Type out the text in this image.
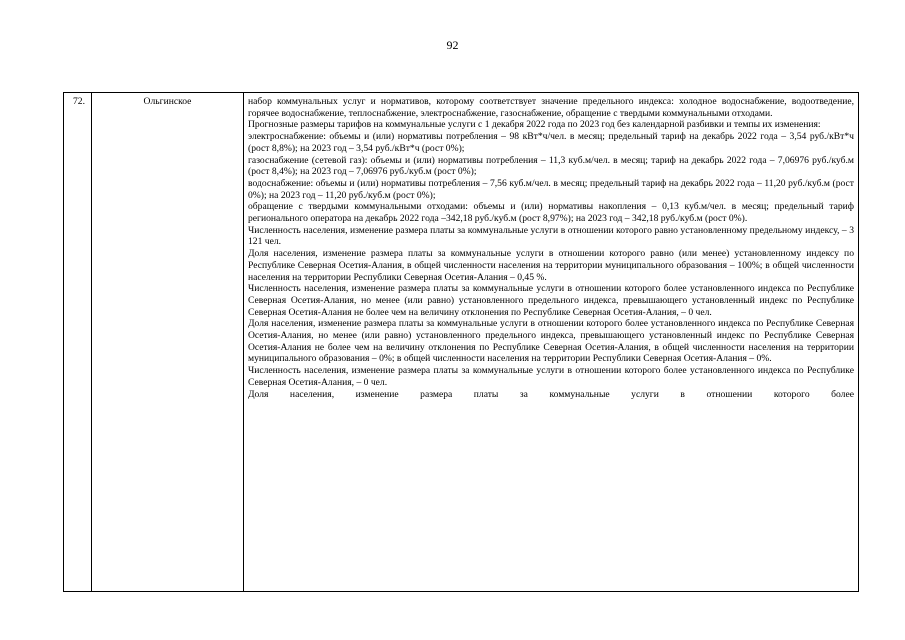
92
72.	Ольгинское	набор коммунальных услуг и нормативов, которому соответствует значение предельного индекса: холодное водоснабжение, водоотведение, горячее водоснабжение, теплоснабжение, электроснабжение, газоснабжение, обращение с твердыми коммунальными отходами.

Прогнозные размеры тарифов на коммунальные услуги с 1 декабря 2022 года по 2023 год без календарной разбивки и темпы их изменения:

электроснабжение: объемы и (или) нормативы потребления – 98 кВт*ч/чел. в месяц; предельный тариф на декабрь 2022 года – 3,54 руб./кВт*ч (рост 8,8%); на 2023 год – 3,54 руб./кВт*ч (рост 0%);

газоснабжение (сетевой газ): объемы и (или) нормативы потребления – 11,3 куб.м/чел. в месяц; тариф на декабрь 2022 года – 7,06976 руб./куб.м (рост 8,4%); на 2023 год – 7,06976 руб./куб.м (рост 0%);

водоснабжение: объемы и (или) нормативы потребления – 7,56 куб.м/чел. в месяц; предельный тариф на декабрь 2022 года – 11,20 руб./куб.м (рост 0%); на 2023 год – 11,20 руб./куб.м (рост 0%);

обращение с твердыми коммунальными отходами: объемы и (или) нормативы накопления – 0,13 куб.м/чел. в месяц; предельный тариф регионального оператора на декабрь 2022 года –342,18 руб./куб.м (рост 8,97%); на 2023 год – 342,18 руб./куб.м (рост 0%).

Численность населения, изменение размера платы за коммунальные услуги в отношении которого равно установленному предельному индексу, – 3 121 чел.

Доля населения, изменение размера платы за коммунальные услуги в отношении которого равно (или менее) установленному индексу по Республике Северная Осетия-Алания, в общей численности населения на территории муниципального образования – 100%; в общей численности населения на территории Республики Северная Осетия-Алания – 0,45 %.

Численность населения, изменение размера платы за коммунальные услуги в отношении которого более установленного индекса по Республике Северная Осетия-Алания, но менее (или равно) установленного предельного индекса, превышающего установленный индекс по Республике Северная Осетия-Алания не более чем на величину отклонения по Республике Северная Осетия-Алания, – 0 чел.

Доля населения, изменение размера платы за коммунальные услуги в отношении которого более установленного индекса по Республике Северная Осетия-Алания, но менее (или равно) установленного предельного индекса, превышающего установленный индекс по Республике Северная Осетия-Алания не более чем на величину отклонения по Республике Северная Осетия-Алания, в общей численности населения на территории муниципального образования – 0%; в общей численности населения на территории Республики Северная Осетия-Алания – 0%.

Численность населения, изменение размера платы за коммунальные услуги в отношении которого более установленного индекса по Республике Северная Осетия-Алания, – 0 чел.

Доля населения, изменение размера платы за коммунальные услуги в отношении которого более
